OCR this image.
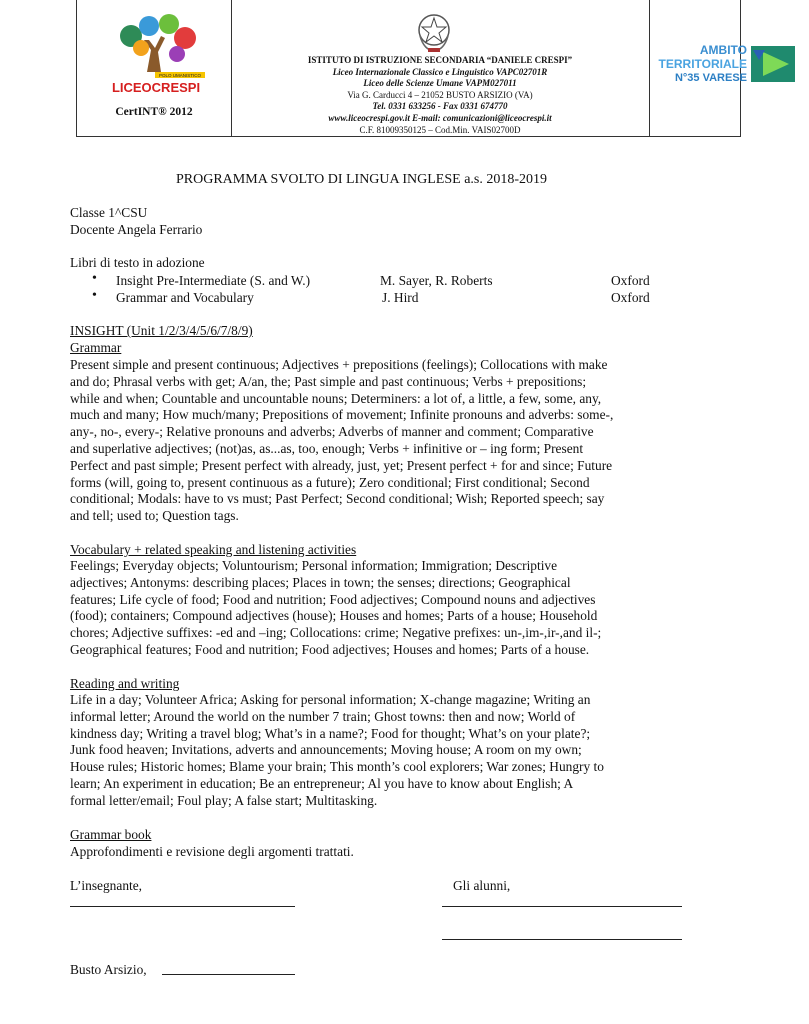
POLO UMANISTICO
LICEOCRESPI
CertINT® 2012
ISTITUTO DI ISTRUZIONE SECONDARIA “DANIELE CRESPI”
Liceo Internazionale Classico e Linguistico VAPC02701R
Liceo delle Scienze Umane VAPM027011
Via G. Carducci 4 – 21052 BUSTO ARSIZIO (VA)
Tel. 0331 633256 - Fax 0331 674770
www.liceocrespi.gov.it E-mail: comunicazioni@liceocrespi.it
C.F. 81009350125 – Cod.Min. VAIS02700D
AMBITO
TERRITORIALE
N°35 VARESE
PROGRAMMA SVOLTO DI LINGUA INGLESE a.s. 2018-2019
Classe 1^CSU
Docente Angela Ferrario
Libri di testo in adozione
• Insight Pre-Intermediate (S. and W.)	M. Sayer, R. Roberts	Oxford
• Grammar and Vocabulary	J. Hird	Oxford
INSIGHT (Unit 1/2/3/4/5/6/7/8/9)
Grammar
Present simple and present continuous; Adjectives + prepositions (feelings); Collocations with make
and do; Phrasal verbs with get; A/an, the; Past simple and past continuous; Verbs + prepositions;
while and when; Countable and uncountable nouns; Determiners: a lot of, a little, a few, some, any,
much and many; How much/many; Prepositions of movement; Infinite pronouns and adverbs: some-,
any-, no-, every-; Relative pronouns and adverbs; Adverbs of manner and comment; Comparative
and superlative adjectives; (not)as, as...as, too, enough; Verbs + infinitive or – ing form; Present
Perfect and past simple; Present perfect with already, just, yet; Present perfect + for and since; Future
forms (will, going to, present continuous as a future); Zero conditional; First conditional; Second
conditional; Modals: have to vs must; Past Perfect; Second conditional; Wish; Reported speech; say
and tell; used to; Question tags.
Vocabulary + related speaking and listening activities
Feelings; Everyday objects; Voluntourism; Personal information; Immigration; Descriptive
adjectives; Antonyms: describing places; Places in town; the senses; directions; Geographical
features; Life cycle of food; Food and nutrition; Food adjectives; Compound nouns and adjectives
(food); containers; Compound adjectives (house); Houses and homes; Parts of a house; Household
chores; Adjective suffixes: -ed and –ing; Collocations: crime; Negative prefixes: un-,im-,ir-,and il-;
Geographical features; Food and nutrition; Food adjectives; Houses and homes; Parts of a house.
Reading and writing
Life in a day; Volunteer Africa; Asking for personal information; X-change magazine; Writing an
informal letter; Around the world on the number 7 train; Ghost towns: then and now; World of
kindness day; Writing a travel blog; What’s in a name?; Food for thought; What’s on your plate?;
Junk food heaven; Invitations, adverts and announcements; Moving house; A room on my own;
House rules; Historic homes; Blame your brain; This month’s cool explorers; War zones; Hungry to
learn; An experiment in education; Be an entrepreneur; Al you have to know about English; A
formal letter/email; Foul play; A false start; Multitasking.
Grammar book
Approfondimenti e revisione degli argomenti trattati.
L’insegnante,	Gli alunni,
Busto Arsizio,
